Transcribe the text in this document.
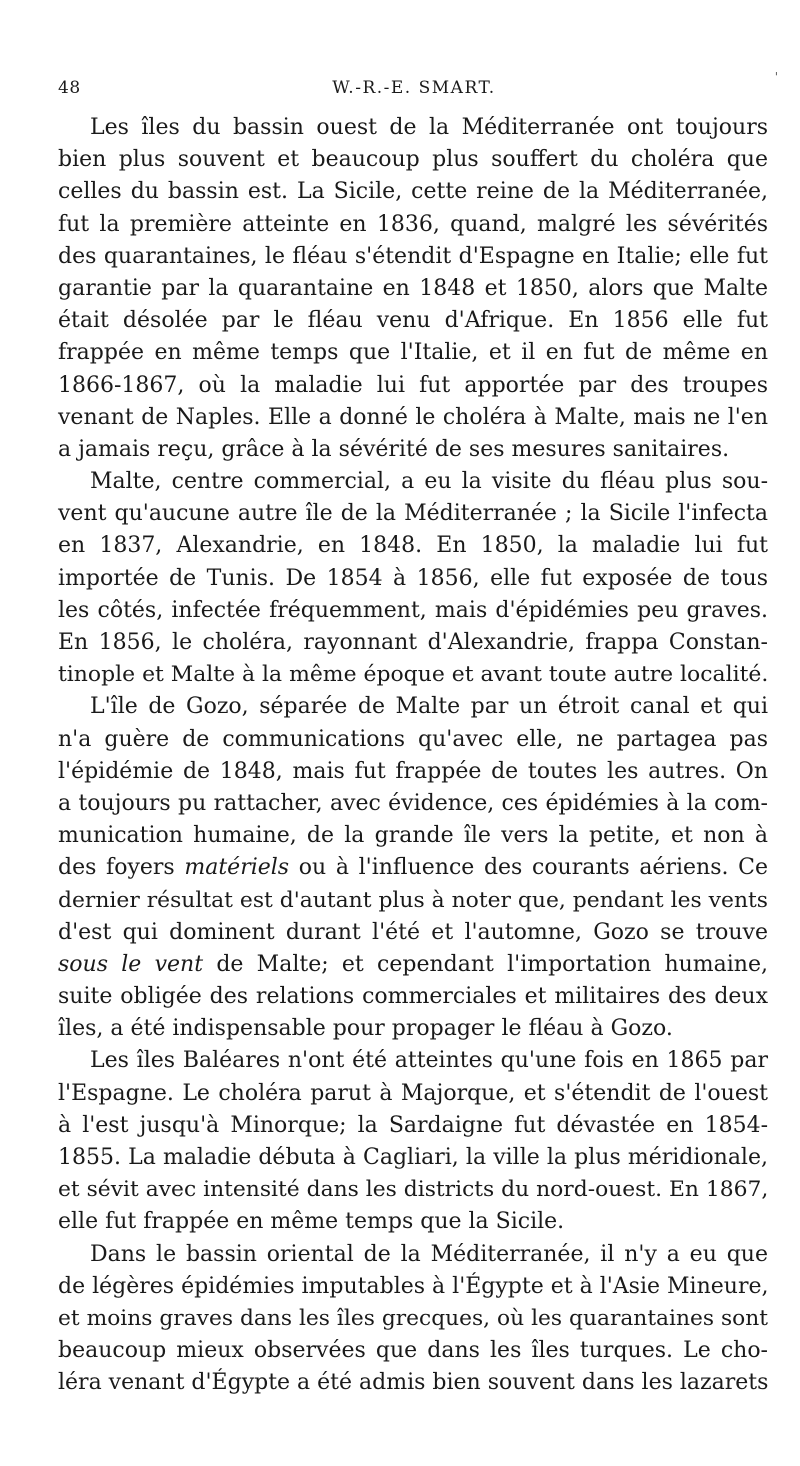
'
48	W.-R.-E. SMART.
Les îles du bassin ouest de la Méditerranée ont toujours
bien plus souvent et beaucoup plus souffert du choléra que
celles du bassin est. La Sicile, cette reine de la Méditerranée,
fut la première atteinte en 1836, quand, malgré les sévérités
des quarantaines, le fléau s'étendit d'Espagne en Italie; elle fut
garantie par la quarantaine en 1848 et 1850, alors que Malte
était désolée par le fléau venu d'Afrique. En 1856 elle fut
frappée en même temps que l'Italie, et il en fut de même en
1866-1867, où la maladie lui fut apportée par des troupes
venant de Naples. Elle a donné le choléra à Malte, mais ne l'en
a jamais reçu, grâce à la sévérité de ses mesures sanitaires.
Malte, centre commercial, a eu la visite du fléau plus sou-
vent qu'aucune autre île de la Méditerranée ; la Sicile l'infecta
en 1837, Alexandrie, en 1848. En 1850, la maladie lui fut
importée de Tunis. De 1854 à 1856, elle fut exposée de tous
les côtés, infectée fréquemment, mais d'épidémies peu graves.
En 1856, le choléra, rayonnant d'Alexandrie, frappa Constan-
tinople et Malte à la même époque et avant toute autre localité.
L'île de Gozo, séparée de Malte par un étroit canal et qui
n'a guère de communications qu'avec elle, ne partagea pas
l'épidémie de 1848, mais fut frappée de toutes les autres. On
a toujours pu rattacher, avec évidence, ces épidémies à la com-
munication humaine, de la grande île vers la petite, et non à
des foyers matériels ou à l'influence des courants aériens. Ce
dernier résultat est d'autant plus à noter que, pendant les vents
d'est qui dominent durant l'été et l'automne, Gozo se trouve
sous le vent de Malte; et cependant l'importation humaine,
suite obligée des relations commerciales et militaires des deux
îles, a été indispensable pour propager le fléau à Gozo.
Les îles Baléares n'ont été atteintes qu'une fois en 1865 par
l'Espagne. Le choléra parut à Majorque, et s'étendit de l'ouest
à l'est jusqu'à Minorque; la Sardaigne fut dévastée en 1854-
1855. La maladie débuta à Cagliari, la ville la plus méridionale,
et sévit avec intensité dans les districts du nord-ouest. En 1867,
elle fut frappée en même temps que la Sicile.
Dans le bassin oriental de la Méditerranée, il n'y a eu que
de légères épidémies imputables à l'Égypte et à l'Asie Mineure,
et moins graves dans les îles grecques, où les quarantaines sont
beaucoup mieux observées que dans les îles turques. Le cho-
léra venant d'Égypte a été admis bien souvent dans les lazarets
